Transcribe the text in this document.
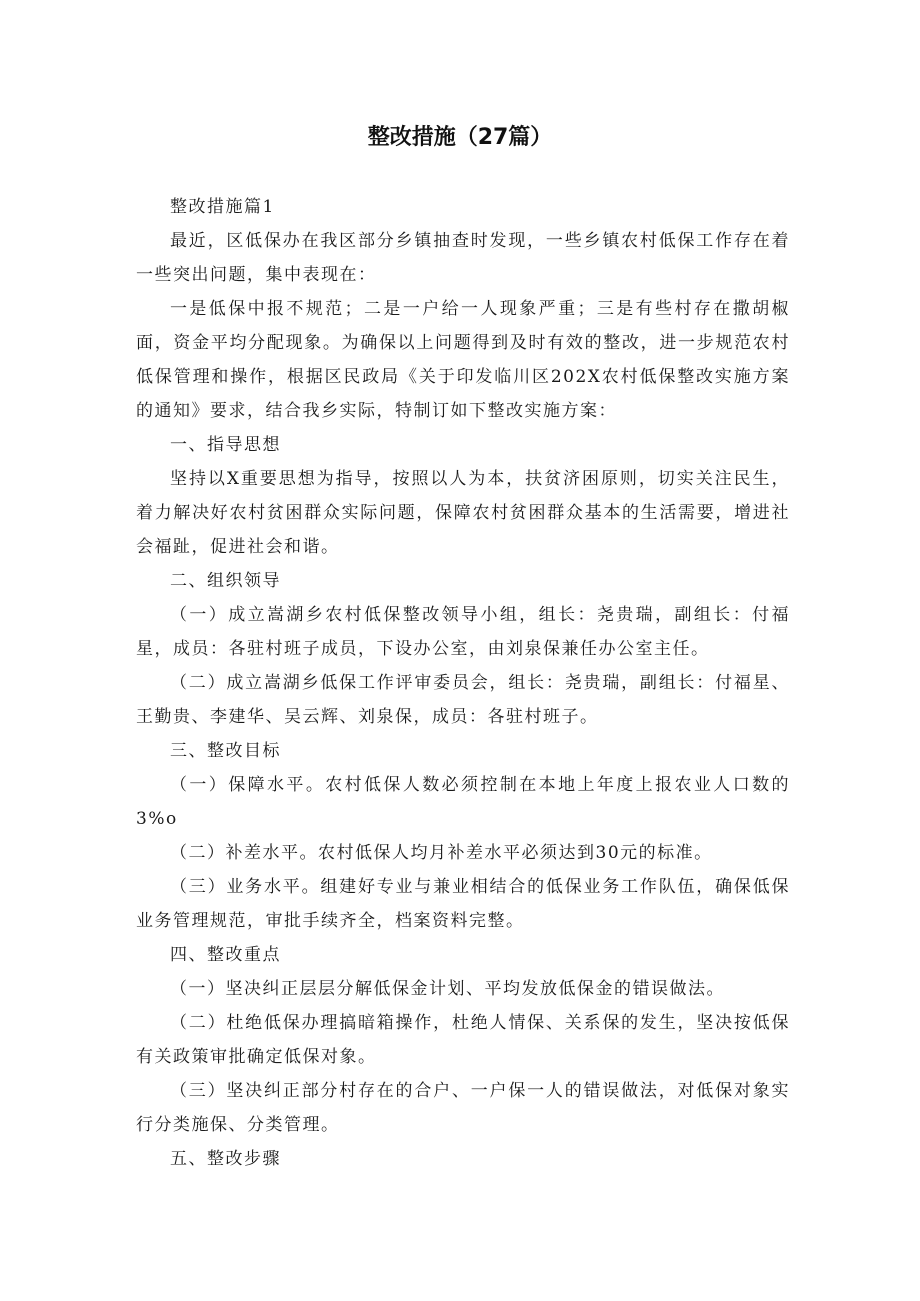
整改措施（27篇）
整改措施篇1
最近，区低保办在我区部分乡镇抽查时发现，一些乡镇农村低保工作存在着一些突出问题，集中表现在：
一是低保中报不规范；二是一户给一人现象严重；三是有些村存在撒胡椒面，资金平均分配现象。为确保以上问题得到及时有效的整改，进一步规范农村低保管理和操作，根据区民政局《关于印发临川区202X农村低保整改实施方案的通知》要求，结合我乡实际，特制订如下整改实施方案：
一、指导思想
坚持以X重要思想为指导，按照以人为本，扶贫济困原则，切实关注民生，着力解决好农村贫困群众实际问题，保障农村贫困群众基本的生活需要，增进社会福趾，促进社会和谐。
二、组织领导
（一）成立嵩湖乡农村低保整改领导小组，组长：尧贵瑞，副组长：付福星，成员：各驻村班子成员，下设办公室，由刘泉保兼任办公室主任。
（二）成立嵩湖乡低保工作评审委员会，组长：尧贵瑞，副组长：付福星、王勤贵、李建华、吴云辉、刘泉保，成员：各驻村班子。
三、整改目标
（一）保障水平。农村低保人数必须控制在本地上年度上报农业人口数的3%o
（二）补差水平。农村低保人均月补差水平必须达到30元的标准。
（三）业务水平。组建好专业与兼业相结合的低保业务工作队伍，确保低保业务管理规范，审批手续齐全，档案资料完整。
四、整改重点
（一）坚决纠正层层分解低保金计划、平均发放低保金的错误做法。
（二）杜绝低保办理搞暗箱操作，杜绝人情保、关系保的发生，坚决按低保有关政策审批确定低保对象。
（三）坚决纠正部分村存在的合户、一户保一人的错误做法，对低保对象实行分类施保、分类管理。
五、整改步骤
